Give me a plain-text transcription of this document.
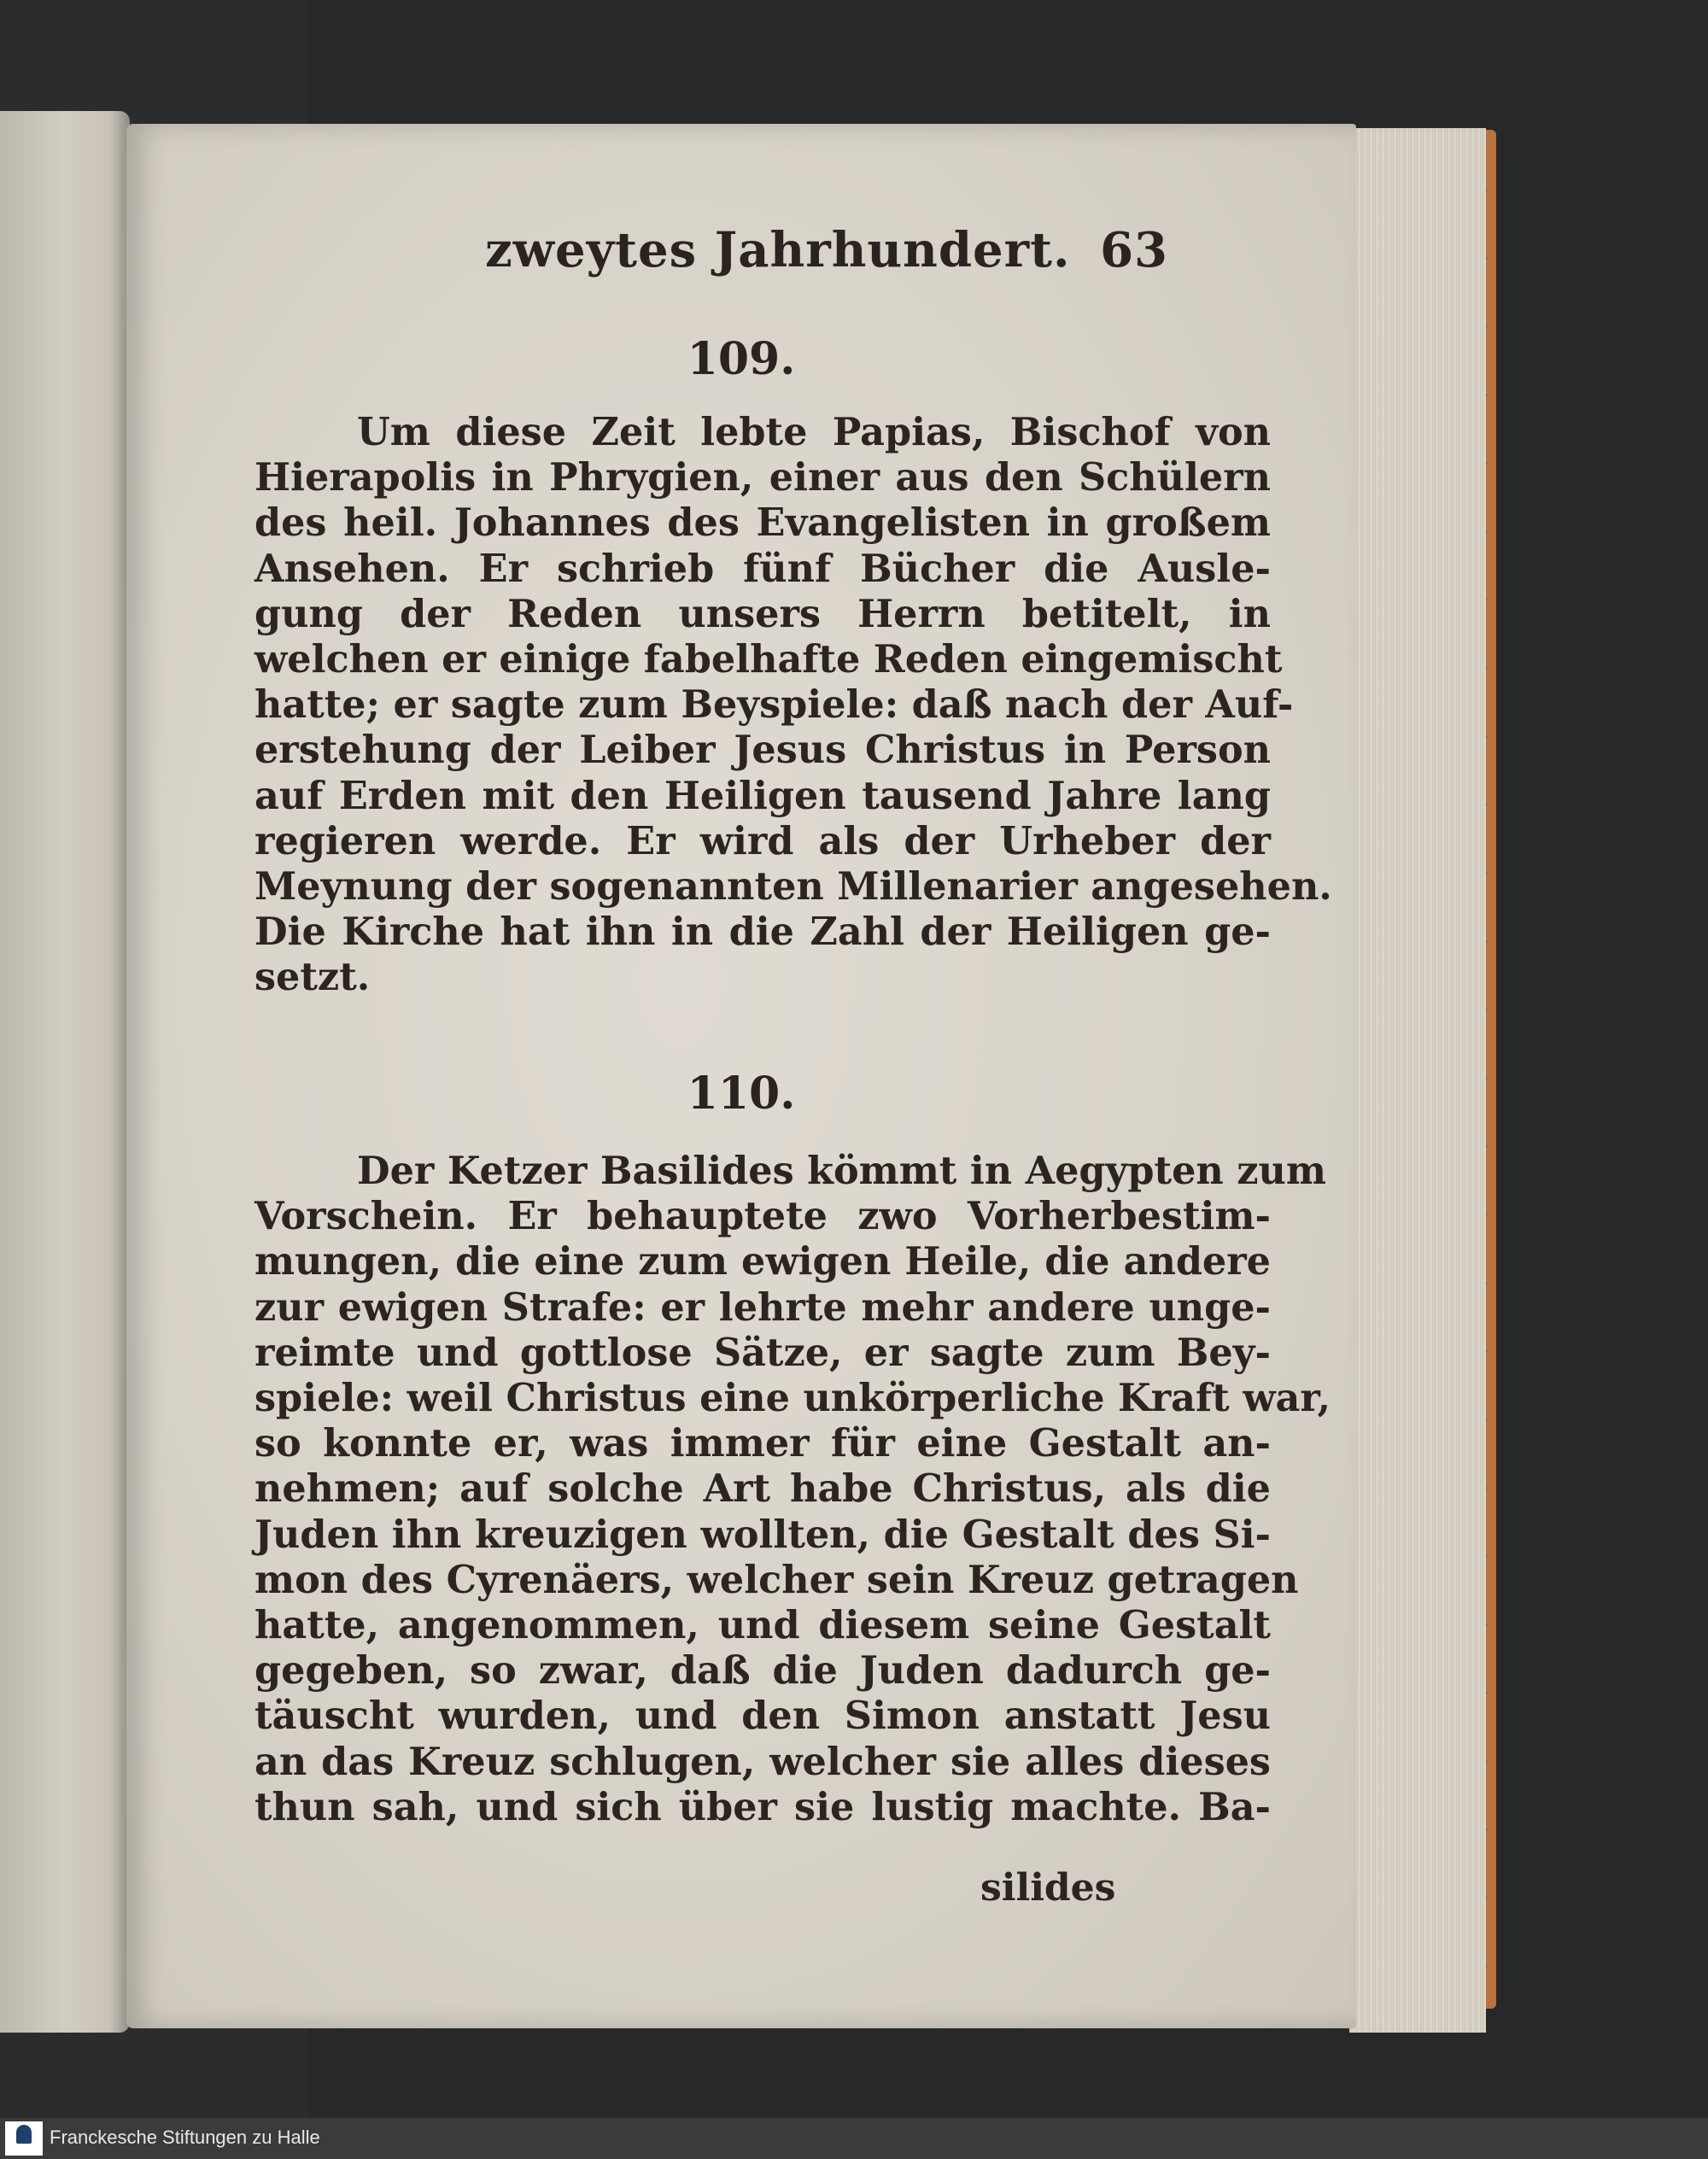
zweytes Jahrhundert. 63
109.
Um diese Zeit lebte Papias, Bischof von
Hierapolis in Phrygien, einer aus den Schülern
des heil. Johannes des Evangelisten in großem
Ansehen. Er schrieb fünf Bücher die Ausle-
gung der Reden unsers Herrn betitelt, in
welchen er einige fabelhafte Reden eingemischt
hatte; er sagte zum Beyspiele: daß nach der Auf-
erstehung der Leiber Jesus Christus in Person
auf Erden mit den Heiligen tausend Jahre lang
regieren werde. Er wird als der Urheber der
Meynung der sogenannten Millenarier angesehen.
Die Kirche hat ihn in die Zahl der Heiligen ge-
setzt.
110.
Der Ketzer Basilides kömmt in Aegypten zum
Vorschein. Er behauptete zwo Vorherbestim-
mungen, die eine zum ewigen Heile, die andere
zur ewigen Strafe: er lehrte mehr andere unge-
reimte und gottlose Sätze, er sagte zum Bey-
spiele: weil Christus eine unkörperliche Kraft war,
so konnte er, was immer für eine Gestalt an-
nehmen; auf solche Art habe Christus, als die
Juden ihn kreuzigen wollten, die Gestalt des Si-
mon des Cyrenäers, welcher sein Kreuz getragen
hatte, angenommen, und diesem seine Gestalt
gegeben, so zwar, daß die Juden dadurch ge-
täuscht wurden, und den Simon anstatt Jesu
an das Kreuz schlugen, welcher sie alles dieses
thun sah, und sich über sie lustig machte. Ba-
silides
Franckesche Stiftungen zu Halle
